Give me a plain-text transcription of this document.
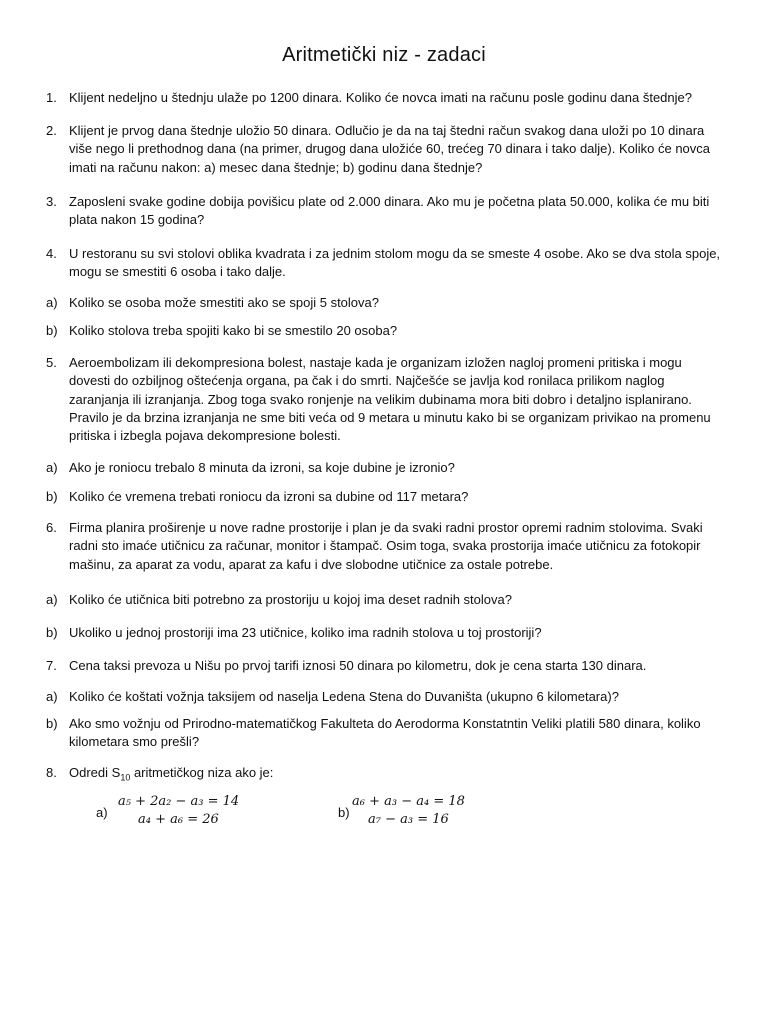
Aritmetički niz - zadaci
1. Klijent nedeljno u štednju ulaže po 1200 dinara. Koliko će novca imati na računu posle godinu dana štednje?
2. Klijent je prvog dana štednje uložio 50 dinara. Odlučio je da na taj štedni račun svakog dana uloži po 10 dinara više nego li prethodnog dana (na primer, drugog dana uložiće 60, trećeg 70 dinara i tako dalje). Koliko će novca imati na računu nakon: a) mesec dana štednje; b) godinu dana štednje?
3. Zaposleni svake godine dobija povišicu plate od 2.000 dinara. Ako mu je početna plata 50.000, kolika će mu biti plata nakon 15 godina?
4. U restoranu su svi stolovi oblika kvadrata i za jednim stolom mogu da se smeste 4 osobe. Ako se dva stola spoje, mogu se smestiti 6 osoba i tako dalje.
a) Koliko se osoba može smestiti ako se spoji 5 stolova?
b) Koliko stolova treba spojiti kako bi se smestilo 20 osoba?
5. Aeroembolizam ili dekompresiona bolest, nastaje kada je organizam izložen naglоj promeni pritiska i mogu dovesti do ozbiljnog oštećenja organa, pa čak i do smrti. Najčešće se javlja kod ronilaca prilikom naglog zaranjanja ili izranjanja. Zbog toga svako ronjenje na velikim dubinama mora biti dobro i detaljno isplanirano. Pravilo je da brzina izranjanja ne sme biti veća od 9 metara u minutu kako bi se organizam privikao na promenu pritiska i izbegla pojava dekompresione bolesti.
a) Ako je roniocu trebalo 8 minuta da izroni, sa koje dubine je izronio?
b) Koliko će vremena trebati roniocu da izroni sa dubine od 117 metara?
6. Firma planira proširenje u nove radne prostorije i plan je da svaki radni prostor opremi radnim stolovima. Svaki radni sto imaće utičnicu za računar, monitor i štampač. Osim toga, svaka prostorija imaće utičnicu za fotokopir mašinu, za aparat za vodu, aparat za kafu i dve slobodne utičnice za ostale potrebe.
a) Koliko će utičnica biti potrebno za prostoriju u kojoj ima deset radnih stolova?
b) Ukoliko u jednoj prostoriji ima 23 utičnice, koliko ima radnih stolova u toj prostoriji?
7. Cena taksi prevoza u Nišu po prvoj tarifi iznosi 50 dinara po kilometru, dok je cena starta 130 dinara.
a) Koliko će koštati vožnja taksijem od naselja Ledena Stena do Duvaništa (ukupno 6 kilometara)?
b) Ako smo vožnju od Prirodno-matematičkog Fakulteta do Aerodorma Konstatntin Veliki platili 580 dinara, koliko kilometara smo prešli?
8. Odredi $S_{10}$ aritmetičkog niza ako je:
a)
a₅ + 2a₂ − a₃ = 14
a₄ + a₆ = 26	b)
a₆ + a₃ − a₄ = 18
a₇ − a₃ = 16
